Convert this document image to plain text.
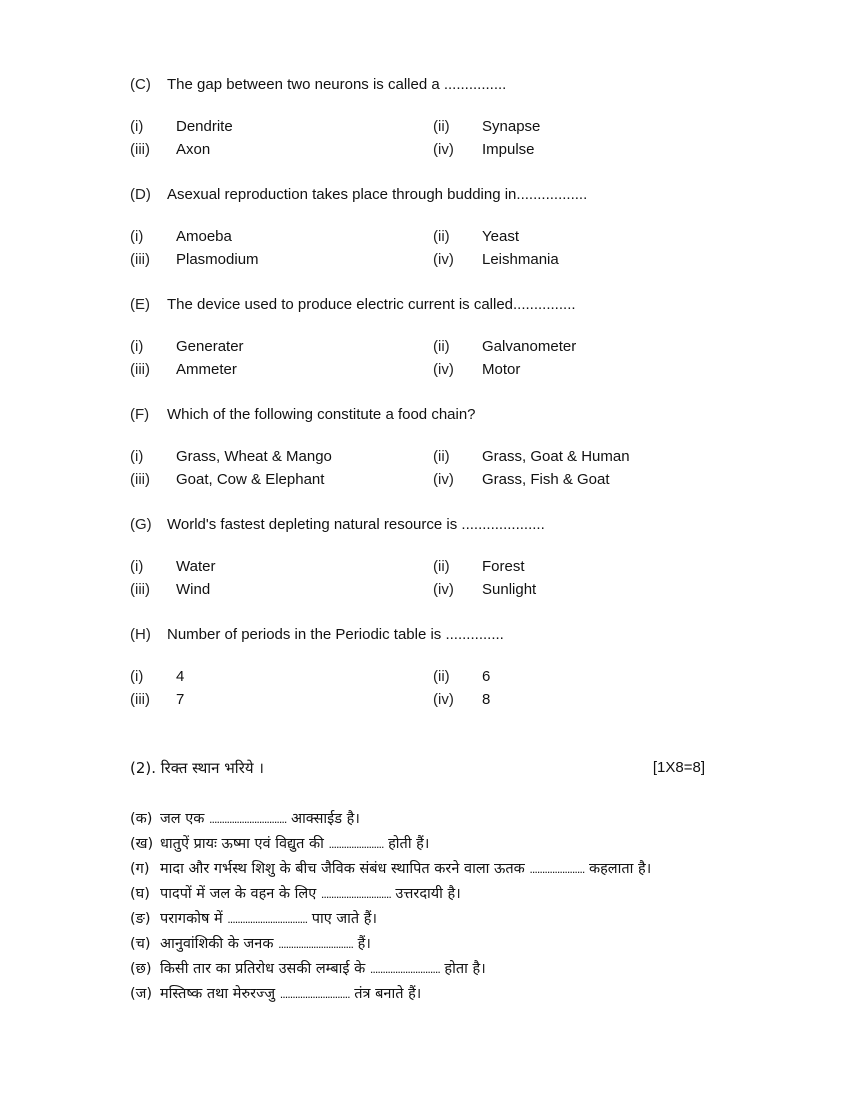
(C) The gap between two neurons is called a ...............
(i) Dendrite	(ii) Synapse
(iii) Axon	(iv) Impulse
(D) Asexual reproduction takes place through budding in.................
(i) Amoeba	(ii) Yeast
(iii) Plasmodium	(iv) Leishmania
(E) The device used to produce electric current is called...............
(i) Generater	(ii) Galvanometer
(iii) Ammeter	(iv) Motor
(F) Which of the following constitute a food chain?
(i) Grass, Wheat & Mango	(ii) Grass, Goat & Human
(iii) Goat, Cow & Elephant	(iv) Grass, Fish & Goat
(G) World's fastest depleting natural resource is ....................
(i) Water	(ii) Forest
(iii) Wind	(iv) Sunlight
(H) Number of periods in the Periodic table is ..............
(i) 4	(ii) 6
(iii) 7	(iv) 8
(2). रिक्त स्थान भरिये ।	[1X8=8]
(क) जल एक ............................... आक्साईड है।
(ख) धातुऐं प्रायः ऊष्मा एवं विद्युत की ...................... होती हैं।
(ग) मादा और गर्भस्थ शिशु के बीच जैविक संबंध स्थापित करने वाला ऊतक ...................... कहलाता है।
(घ) पादपों में जल के वहन के लिए ............................ उत्तरदायी है।
(ङ) परागकोष में ................................ पाए जाते हैं।
(च) आनुवांशिकी के जनक .............................. हैं।
(छ) किसी तार का प्रतिरोध उसकी लम्बाई के ............................ होता है।
(ज) मस्तिष्क तथा मेरुरज्जु ............................ तंत्र बनाते हैं।
